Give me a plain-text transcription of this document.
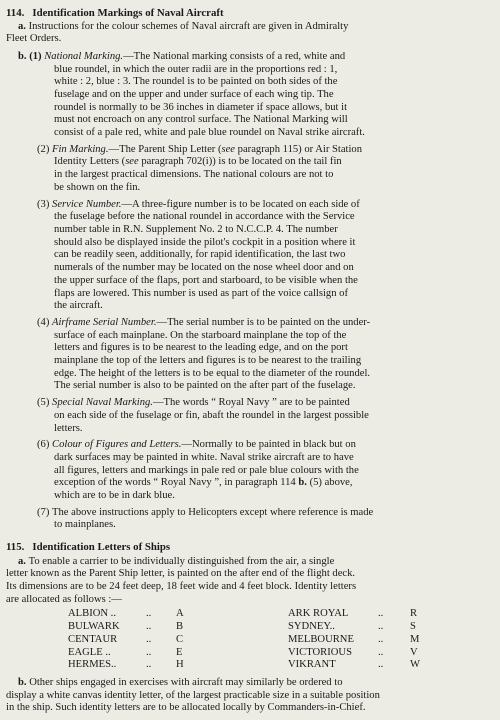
114. Identification Markings of Naval Aircraft
a. Instructions for the colour schemes of Naval aircraft are given in Admiralty
Fleet Orders.
b. (1) National Marking.—The National marking consists of a red, white and
blue roundel, in which the outer radii are in the proportions red : 1,
white : 2, blue : 3. The roundel is to be painted on both sides of the
fuselage and on the upper and under surface of each wing tip. The
roundel is normally to be 36 inches in diameter if space allows, but it
must not encroach on any control surface. The National Marking will
consist of a pale red, white and pale blue roundel on Naval strike aircraft.
(2) Fin Marking.—The Parent Ship Letter (see paragraph 115) or Air Station
Identity Letters (see paragraph 702(i)) is to be located on the tail fin
in the largest practical dimensions. The national colours are not to
be shown on the fin.
(3) Service Number.—A three-figure number is to be located on each side of
the fuselage before the national roundel in accordance with the Service
number table in R.N. Supplement No. 2 to N.C.C.P. 4. The number
should also be displayed inside the pilot's cockpit in a position where it
can be readily seen, additionally, for rapid identification, the last two
numerals of the number may be located on the nose wheel door and on
the upper surface of the flaps, port and starboard, to be visible when the
flaps are lowered. This number is used as part of the voice callsign of
the aircraft.
(4) Airframe Serial Number.—The serial number is to be painted on the under-
surface of each mainplane. On the starboard mainplane the top of the
letters and figures is to be nearest to the leading edge, and on the port
mainplane the top of the letters and figures is to be nearest to the trailing
edge. The height of the letters is to be equal to the diameter of the roundel.
The serial number is also to be painted on the after part of the fuselage.
(5) Special Naval Marking.—The words “ Royal Navy ” are to be painted
on each side of the fuselage or fin, abaft the roundel in the largest possible
letters.
(6) Colour of Figures and Letters.—Normally to be painted in black but on
dark surfaces may be painted in white. Naval strike aircraft are to have
all figures, letters and markings in pale red or pale blue colours with the
exception of the words “ Royal Navy ”, in paragraph 114 b. (5) above,
which are to be in dark blue.
(7) The above instructions apply to Helicopters except where reference is made
to mainplanes.
115. Identification Letters of Ships
a. To enable a carrier to be individually distinguished from the air, a single
letter known as the Parent Ship letter, is painted on the after end of the flight deck.
Its dimensions are to be 24 feet deep, 18 feet wide and 4 feet block. Identity letters
are allocated as follows :—
ALBION ..	.. A
BULWARK .. B
CENTAUR	.. C
EAGLE ..	.. E
HERMES..	.. H
ARK ROYAL	..	R
SYDNEY..	..	S
MELBOURNE ..	M
VICTORIOUS ..	V
VIKRANT	..	W
b. Other ships engaged in exercises with aircraft may similarly be ordered to
display a white canvas identity letter, of the largest practicable size in a suitable position
in the ship. Such identity letters are to be allocated locally by Commanders-in-Chief.
